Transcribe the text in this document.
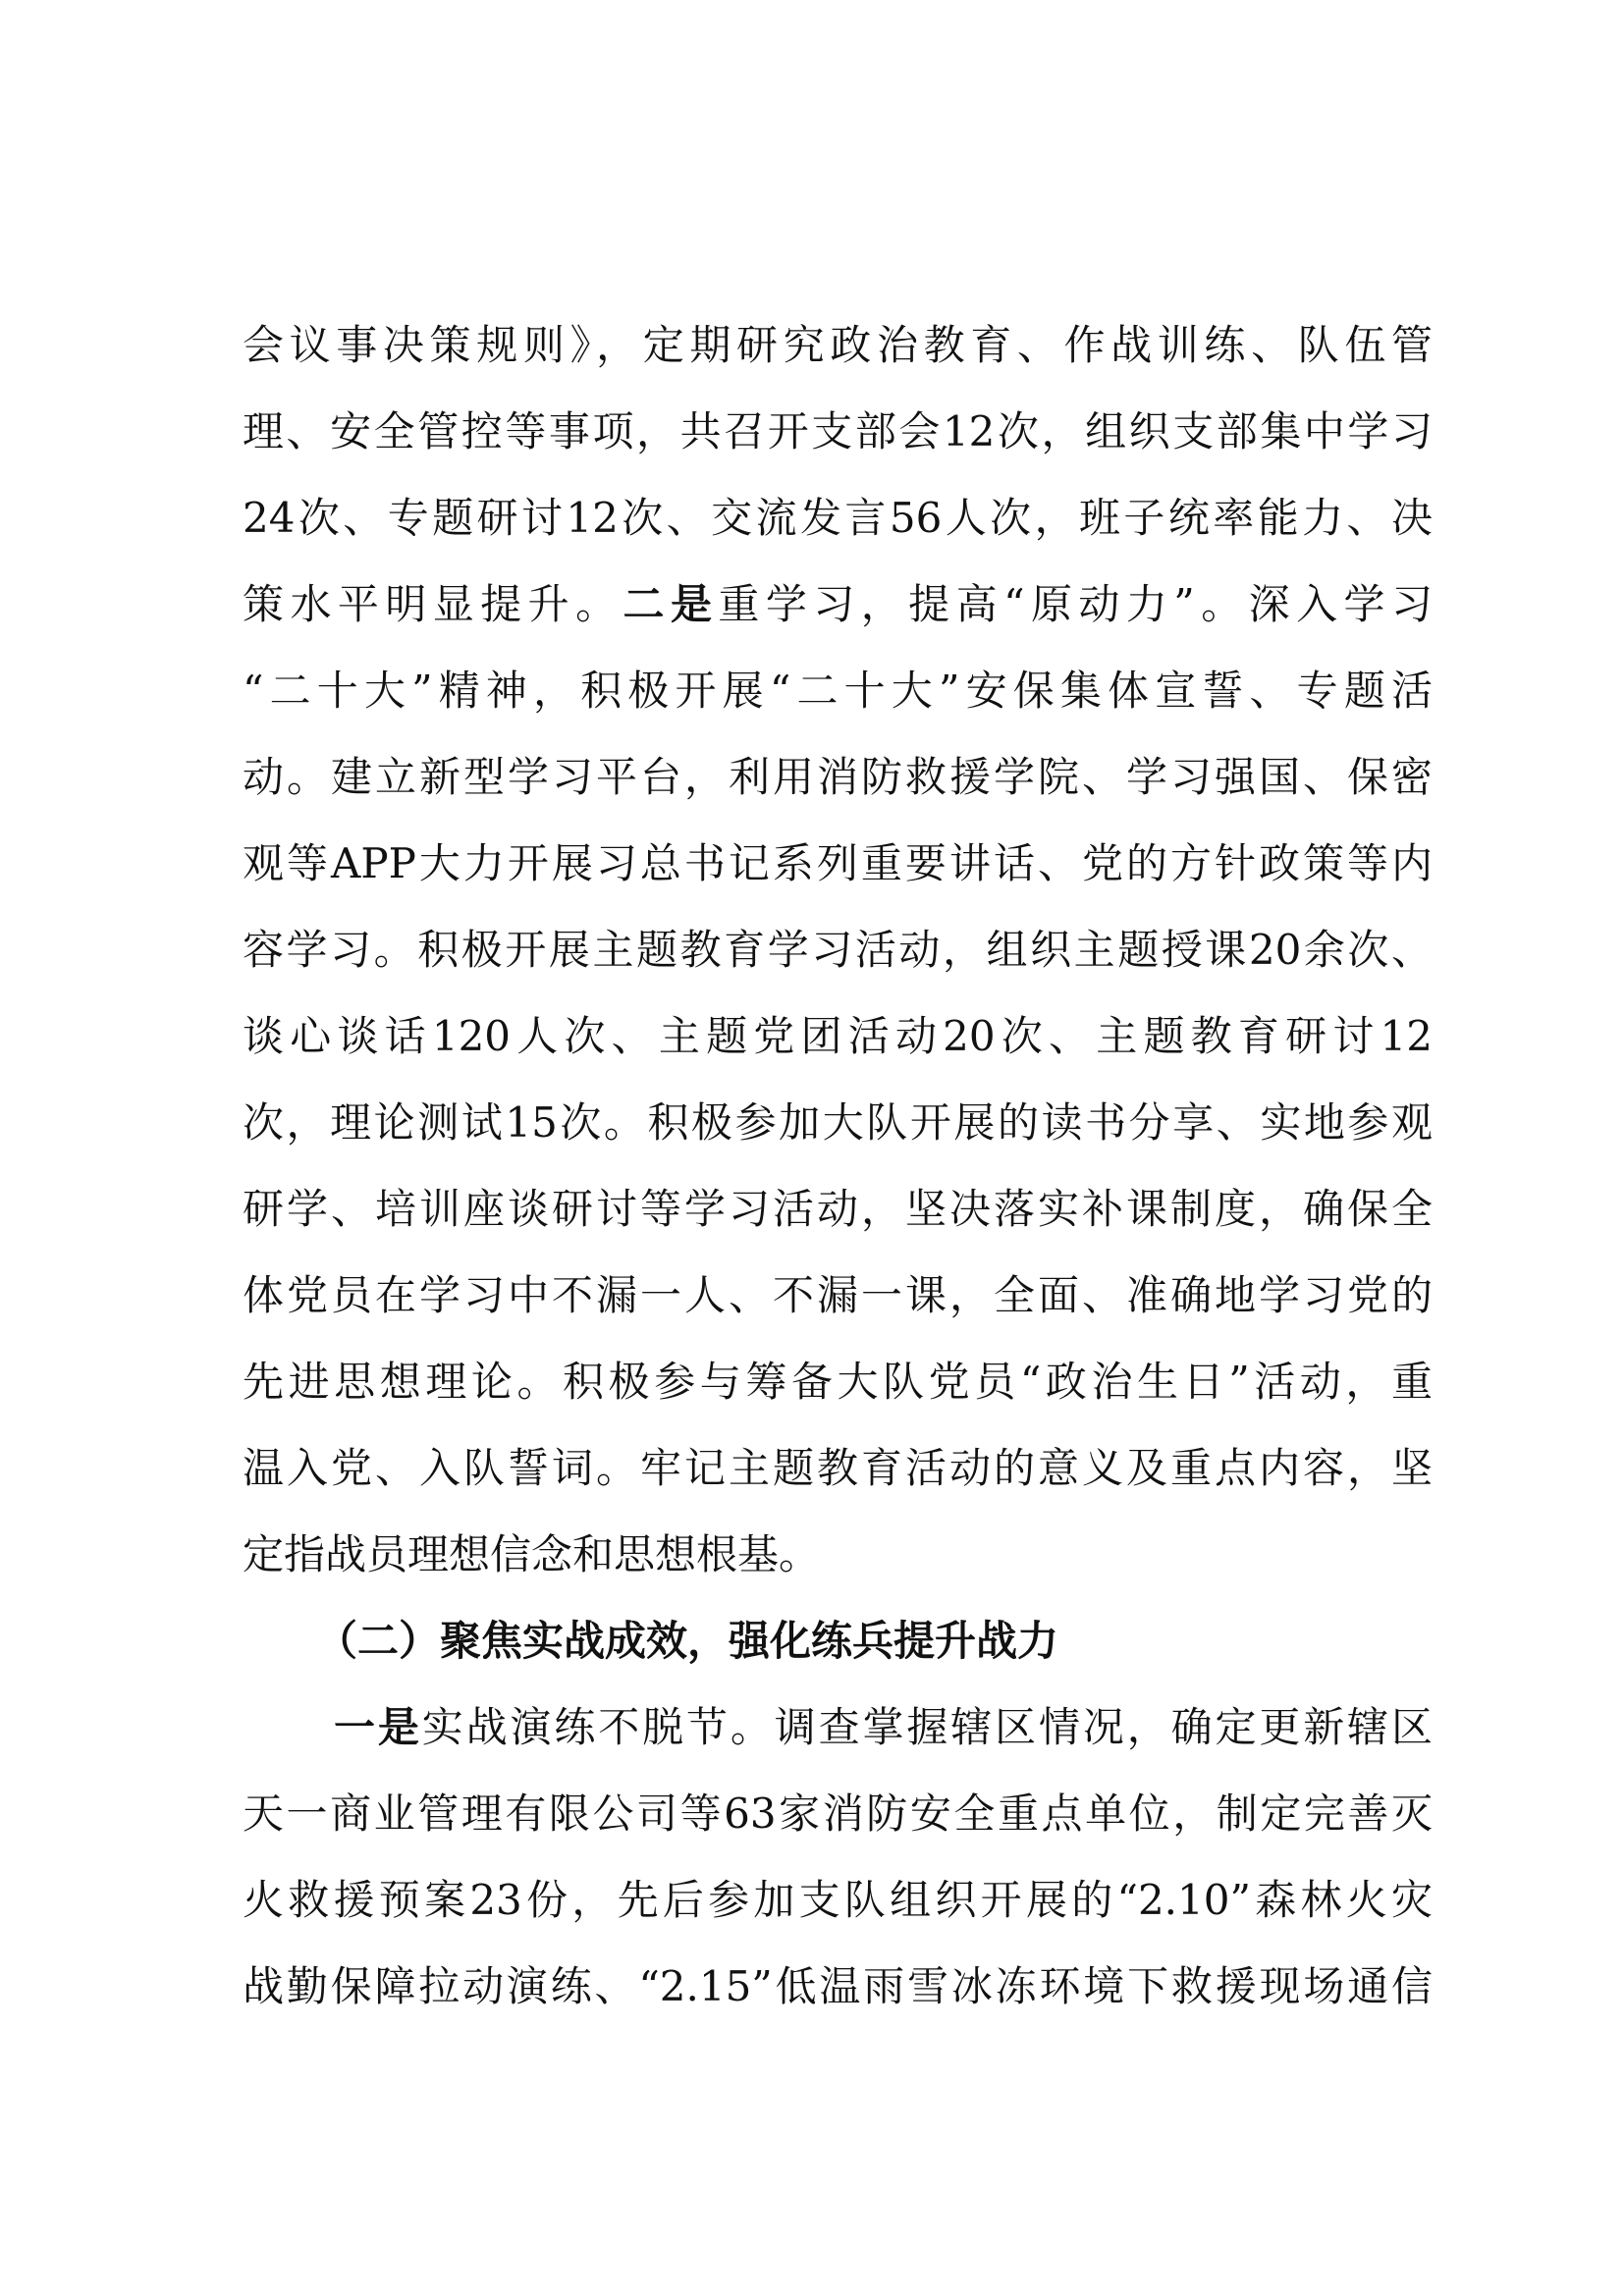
会议事决策规则》，定期研究政治教育、作战训练、队伍管
理、安全管控等事项，共召开支部会12次，组织支部集中学习
24次、专题研讨12次、交流发言56人次，班子统率能力、决
策水平明显提升。二是重学习，提高“原动力”。深入学习
“二十大”精神，积极开展“二十大”安保集体宣誓、专题活
动。建立新型学习平台，利用消防救援学院、学习强国、保密
观等APP大力开展习总书记系列重要讲话、党的方针政策等内
容学习。积极开展主题教育学习活动，组织主题授课20余次、
谈心谈话120人次、主题党团活动20次、主题教育研讨12
次，理论测试15次。积极参加大队开展的读书分享、实地参观
研学、培训座谈研讨等学习活动，坚决落实补课制度，确保全
体党员在学习中不漏一人、不漏一课，全面、准确地学习党的
先进思想理论。积极参与筹备大队党员“政治生日”活动，重
温入党、入队誓词。牢记主题教育活动的意义及重点内容，坚
定指战员理想信念和思想根基。
（二）聚焦实战成效，强化练兵提升战力
一是实战演练不脱节。调查掌握辖区情况，确定更新辖区
天一商业管理有限公司等63家消防安全重点单位，制定完善灭
火救援预案23份，先后参加支队组织开展的“2.10”森林火灾
战勤保障拉动演练、“2.15”低温雨雪冰冻环境下救援现场通信
